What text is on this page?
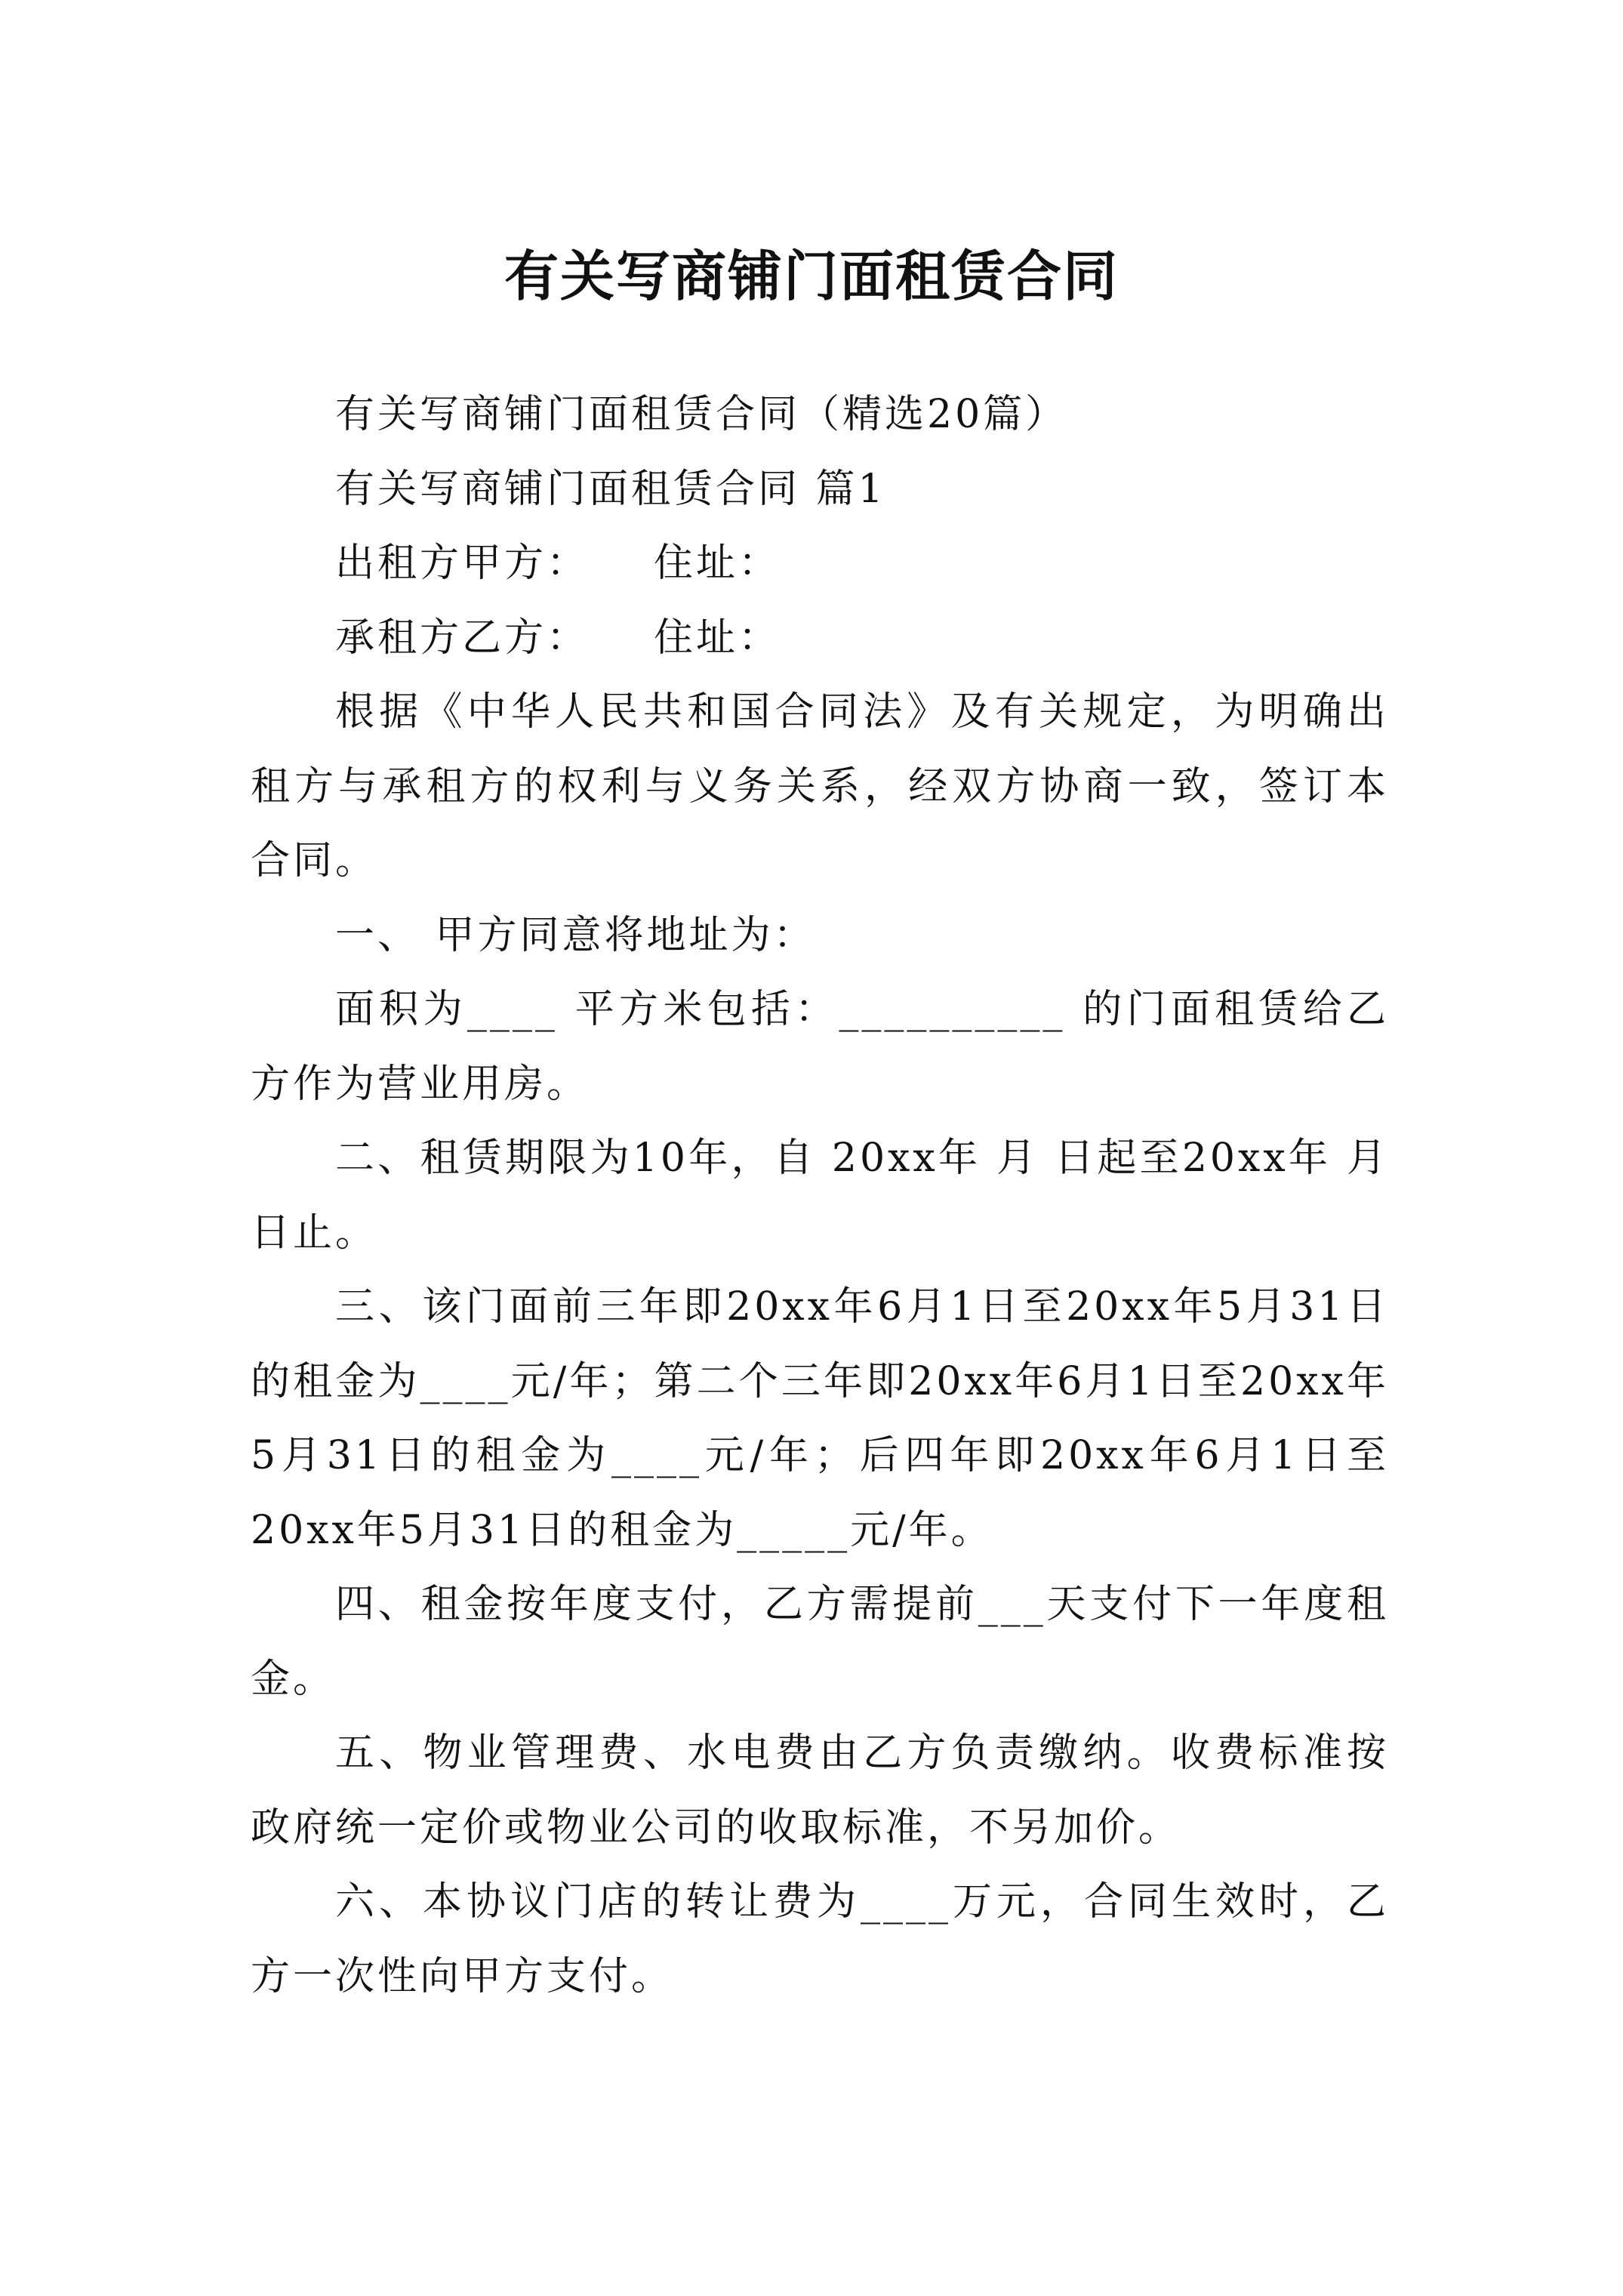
有关写商铺门面租赁合同

有关写商铺门面租赁合同（精选20篇）

有关写商铺门面租赁合同 篇1

出租方甲方：　　住址：

承租方乙方：　　住址：

根据《中华人民共和国合同法》及有关规定，为明确出租方与承租方的权利与义务关系，经双方协商一致，签订本合同。

一、 甲方同意将地址为：

面积为____ 平方米包括：__________ 的门面租赁给乙方作为营业用房。

二、租赁期限为10年，自 20xx年 月 日起至20xx年 月 日止。

三、该门面前三年即20xx年6月1日至20xx年5月31日的租金为____元/年；第二个三年即20xx年6月1日至20xx年5月31日的租金为____元/年；后四年即20xx年6月1日至20xx年5月31日的租金为_____元/年。

四、租金按年度支付，乙方需提前___天支付下一年度租金。

五、物业管理费、水电费由乙方负责缴纳。收费标准按政府统一定价或物业公司的收取标准，不另加价。

六、本协议门店的转让费为____万元，合同生效时，乙方一次性向甲方支付。
